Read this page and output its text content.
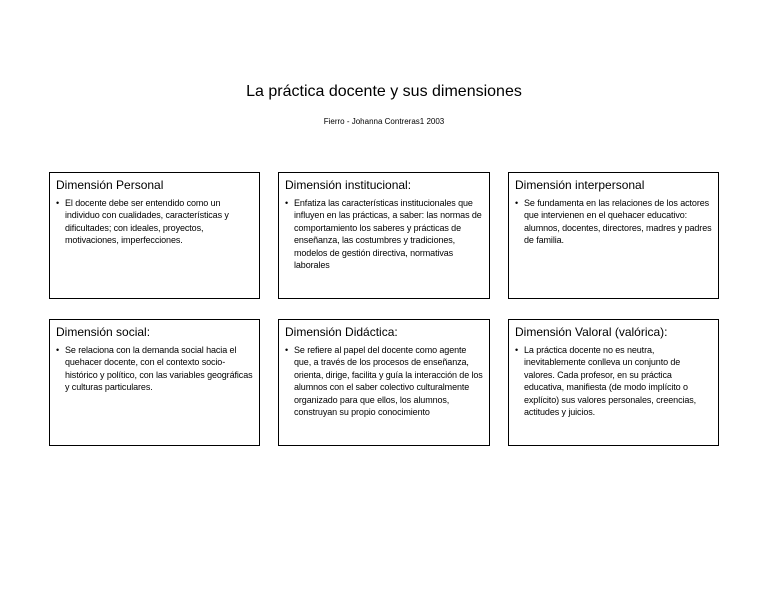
La práctica docente y sus dimensiones
Fierro - Johanna Contreras1 2003
Dimensión Personal
• El docente debe ser entendido como un individuo con cualidades, características y dificultades; con ideales, proyectos, motivaciones, imperfecciones.
Dimensión institucional:
• Enfatiza las características institucionales que influyen en las prácticas, a saber: las normas de comportamiento los saberes y prácticas de enseñanza, las costumbres y tradiciones, modelos de gestión directiva, normativas laborales
Dimensión interpersonal
• Se fundamenta en las relaciones de los actores que intervienen en el quehacer educativo: alumnos, docentes, directores, madres y padres de familia.
Dimensión social:
• Se relaciona con la demanda social hacia el quehacer docente, con el contexto socio-histórico y político, con las variables geográficas y culturas particulares.
Dimensión Didáctica:
• Se refiere al papel del docente como agente que, a través de los procesos de enseñanza, orienta, dirige, facilita y guía la interacción de los alumnos con el saber colectivo culturalmente organizado para que ellos, los alumnos, construyan su propio conocimiento
Dimensión Valoral (valórica):
• La práctica docente no es neutra, inevitablemente conlleva un conjunto de valores. Cada profesor, en su práctica educativa, manifiesta (de modo implícito o explícito) sus valores personales, creencias, actitudes y juicios.
